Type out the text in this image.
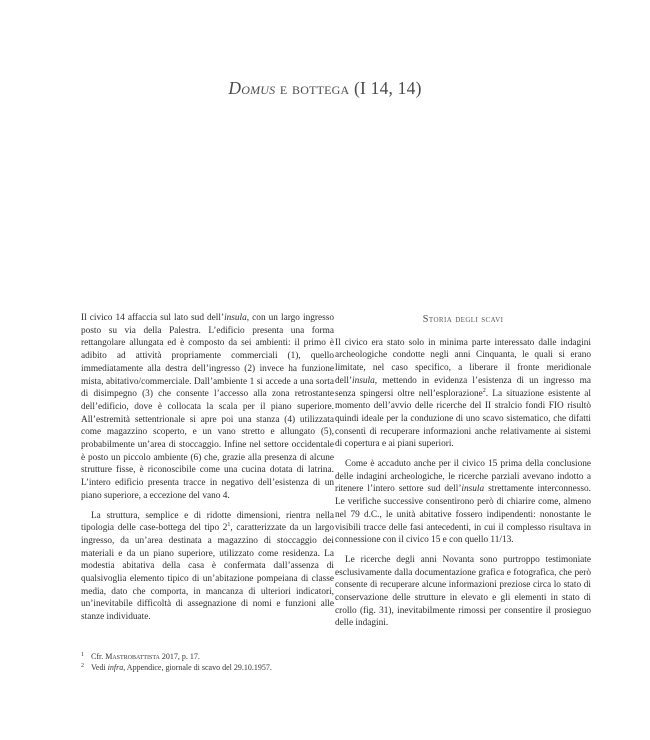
Domus e bottega (I 14, 14)

Il civico 14 affaccia sul lato sud dell’insula, con un largo ingresso posto su via della Palestra. L’edificio presenta una forma rettangolare allungata ed è composto da sei ambienti: il primo è adibito ad attività propriamente commerciali (1), quello immediatamente alla destra dell’ingresso (2) invece ha funzione mista, abitativo/commerciale. Dall’ambiente 1 si accede a una sorta di disimpegno (3) che consente l’accesso alla zona retrostante dell’edificio, dove è collocata la scala per il piano superiore. All’estremità settentrionale si apre poi una stanza (4) utilizzata come magazzino scoperto, e un vano stretto e allungato (5), probabilmente un’area di stoccaggio. Infine nel settore occidentale è posto un piccolo ambiente (6) che, grazie alla presenza di alcune strutture fisse, è riconoscibile come una cucina dotata di latrina. L’intero edificio presenta tracce in negativo dell’esistenza di un piano superiore, a eccezione del vano 4.

La struttura, semplice e di ridotte dimensioni, rientra nella tipologia delle case-bottega del tipo $2^1$, caratterizzate da un largo ingresso, da un’area destinata a magazzino di stoccaggio dei materiali e da un piano superiore, utilizzato come residenza. La modestia abitativa della casa è confermata dall’assenza di qualsivoglia elemento tipico di un’abitazione pompeiana di classe media, dato che comporta, in mancanza di ulteriori indicatori, un’inevitabile difficoltà di assegnazione di nomi e funzioni alle stanze individuate.

Storia degli scavi

Il civico era stato solo in minima parte interessato dalle indagini archeologiche condotte negli anni Cinquanta, le quali si erano limitate, nel caso specifico, a liberare il fronte meridionale dell’insula, mettendo in evidenza l’esistenza di un ingresso ma senza spingersi oltre nell’esplorazione$^2$. La situazione esistente al momento dell’avvio delle ricerche del II stralcio fondi FIO risultò quindi ideale per la conduzione di uno scavo sistematico, che difatti consentì di recuperare informazioni anche relativamente ai sistemi di copertura e ai piani superiori.

Come è accaduto anche per il civico 15 prima della conclusione delle indagini archeologiche, le ricerche parziali avevano indotto a ritenere l’intero settore sud dell’insula strettamente interconnesso. Le verifiche successive consentirono però di chiarire come, almeno nel 79 d.C., le unità abitative fossero indipendenti: nonostante le visibili tracce delle fasi antecedenti, in cui il complesso risultava in connessione con il civico 15 e con quello 11/13.

Le ricerche degli anni Novanta sono purtroppo testimoniate esclusivamente dalla documentazione grafica e fotografica, che però consente di recuperare alcune informazioni preziose circa lo stato di conservazione delle strutture in elevato e gli elementi in stato di crollo (fig. 31), inevitabilmente rimossi per consentire il prosieguo delle indagini.

1 Cfr. Mastrobattista 2017, p. 17.
2 Vedi infra, Appendice, giornale di scavo del 29.10.1957.
